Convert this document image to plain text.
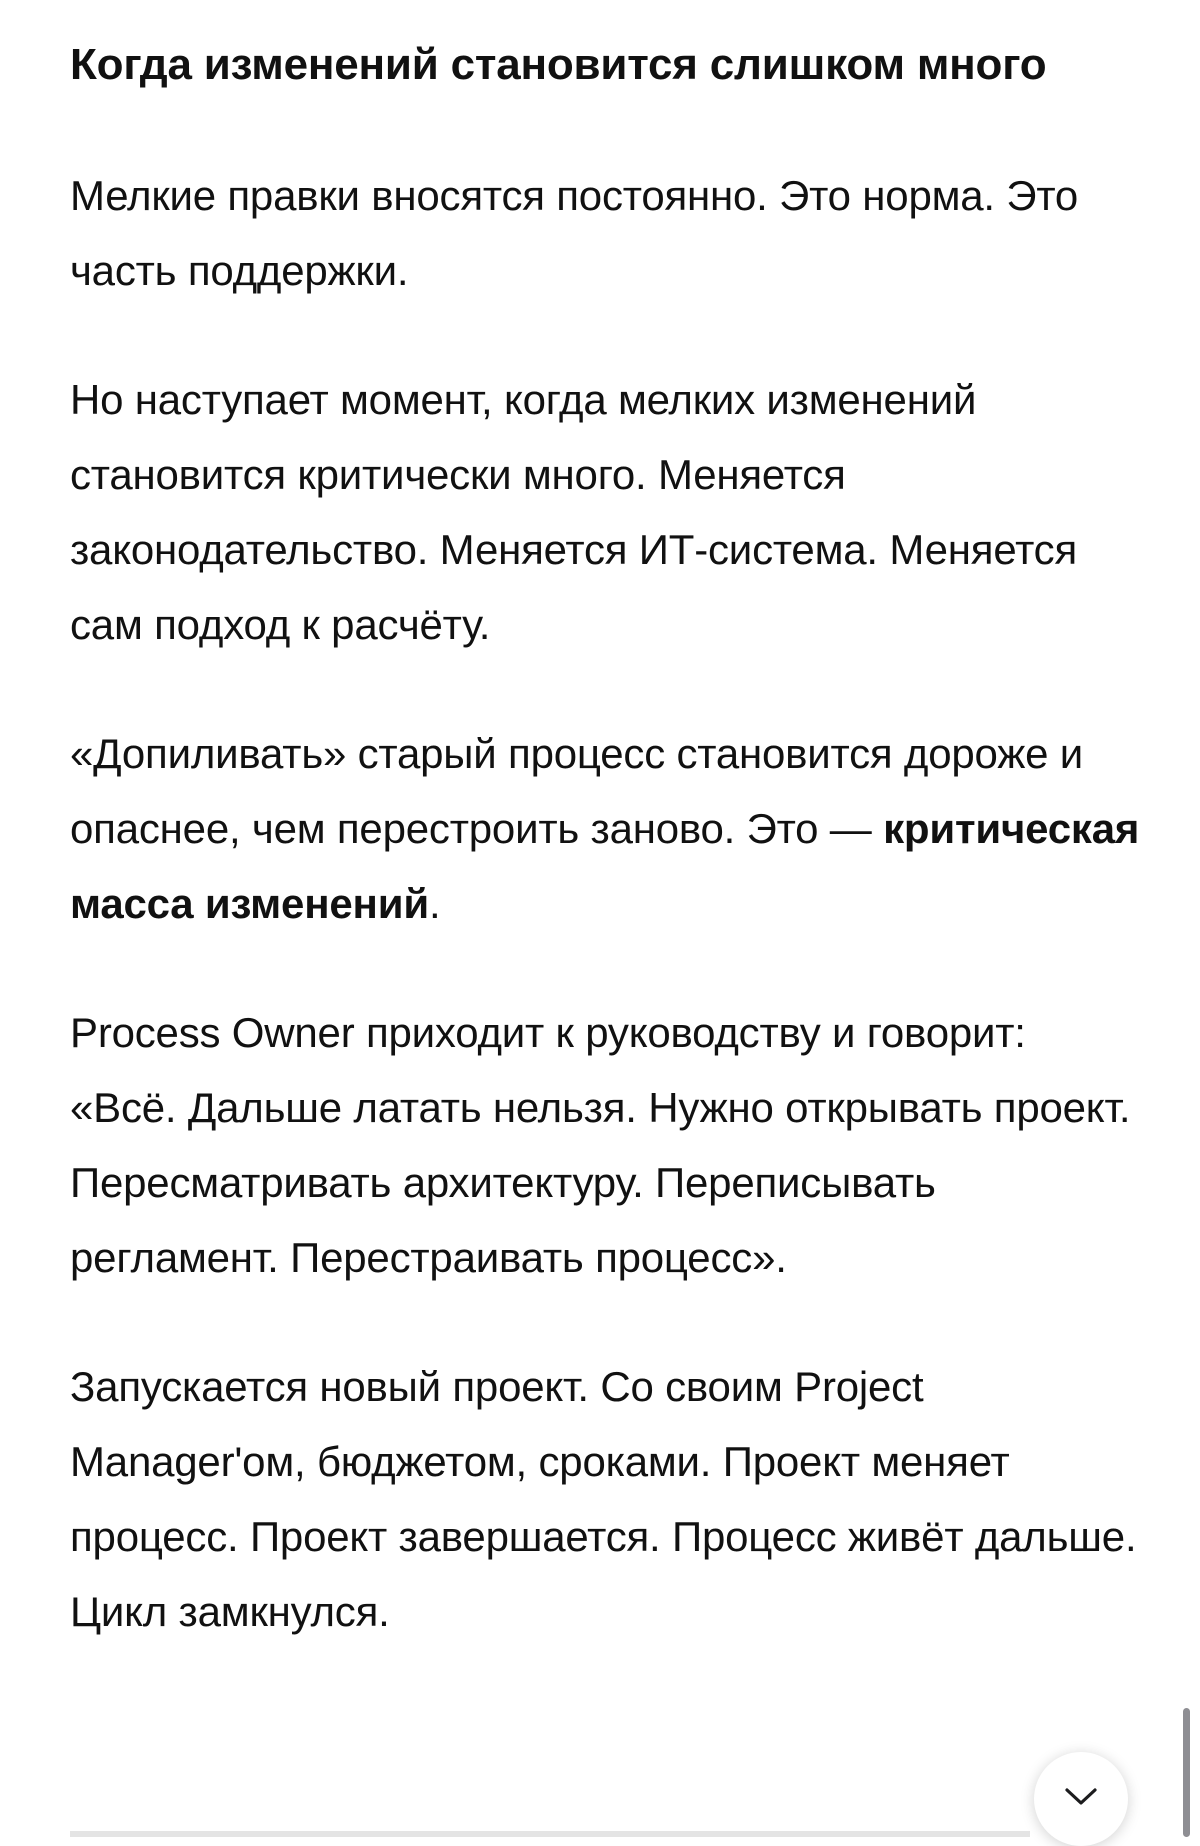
Когда изменений становится слишком много

Мелкие правки вносятся постоянно. Это норма. Это часть поддержки.

Но наступает момент, когда мелких изменений становится критически много. Меняется законодательство. Меняется ИТ-система. Меняется сам подход к расчёту.

«Допиливать» старый процесс становится дороже и опаснее, чем перестроить заново. Это — критическая масса изменений.

Process Owner приходит к руководству и говорит: «Всё. Дальше латать нельзя. Нужно открывать проект. Пересматривать архитектуру. Переписывать регламент. Перестраивать процесс».

Запускается новый проект. Со своим Project Manager'ом, бюджетом, сроками. Проект меняет процесс. Проект завершается. Процесс живёт дальше. Цикл замкнулся.
